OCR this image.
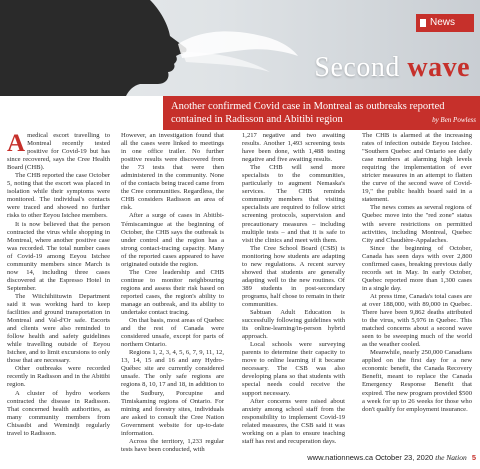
News
Second wave
Another confirmed Covid case in Montreal as outbreaks reported contained in Radisson and Abitibi region	by Ben Powless
A medical escort travelling to Montreal recently tested positive for Covid-19 but has since recovered, says the Cree Health Board (CHB).

The CHB reported the case October 5, noting that the escort was placed in isolation while their symptoms were monitored. The individual's contacts were traced and showed no further risks to other Eeyou Istchee members.

It is now believed that the person contracted the virus while shopping in Montreal, where another positive case was recorded. The total number cases of Covid-19 among Eeyou Istchee community members since March is now 14, including three cases discovered at the Espresso Hotel in September.

The Wiichihiituwin Department said it was working hard to keep facilities and ground transportation in Montreal and Val-d'Or safe. Escorts and clients were also reminded to follow health and safety guidelines while travelling outside of Eeyou Istchee, and to limit excursions to only those that are necessary.

Other outbreaks were recorded recently in Radisson and in the Abitibi region.

A cluster of hydro workers contracted the disease in Radisson. That concerned health authorities, as many community members from Chisasibi and Wemindji regularly travel to Radisson.

However, an investigation found that all the cases were linked to meetings in one office trailer. No further positive results were discovered from the 73 tests that were then administered in the community. None of the contacts being traced came from the Cree communities. Regardless, the CHB considers Radisson an area of risk.

After a surge of cases in Abitibi-Témiscamingue at the beginning of October, the CHB says the outbreak is under control and the region has a strong contact-tracing capacity. Many of the reported cases appeared to have originated outside the region.

The Cree leadership and CHB continue to monitor neighbouring regions and assess their risk based on reported cases, the region's ability to manage an outbreak, and its ability to undertake contact tracing.

On that basis, most areas of Quebec and the rest of Canada were considered unsafe, except for parts of northern Ontario.

Regions 1, 2, 3, 4, 5, 6, 7, 9, 11, 12, 13, 14, 15 and 16 and any Hydro-Québec site are currently considered unsafe. The only safe regions are regions 8, 10, 17 and 18, in addition to the Sudbury, Porcupine and Timiskaming regions of Ontario. For mining and forestry sites, individuals are asked to consult the Cree Nation Government website for up-to-date information.

Across the territory, 1,233 regular tests have been conducted, with

1,217 negative and two awaiting results. Another 1,493 screening tests have been done, with 1,488 testing negative and five awaiting results.

The CHB will send more specialists to the communities, particularly to augment Nemaska's services. The CHB reminds community members that visiting specialists are required to follow strict screening protocols, supervision and precautionary measures – including multiple tests – and that it is safe to visit the clinics and meet with them.

The Cree School Board (CSB) is monitoring how students are adapting to new regulations. A recent survey showed that students are generally adapting well to the new routines. Of 389 students in post-secondary programs, half chose to remain in their communities.

Sabtuan Adult Education is successfully following guidelines with its online-learning/in-person hybrid approach.

Local schools were surveying parents to determine their capacity to move to online learning if it became necessary. The CSB was also developing plans so that students with special needs could receive the support necessary.

After concerns were raised about anxiety among school staff from the responsibility to implement Covid-19 related measures, the CSB said it was working on a plan to ensure teaching staff has rest and recuperation days.

The CHB is alarmed at the increasing rates of infection outside Eeyou Istchee. "Southern Quebec and Ontario see daily case numbers at alarming high levels requiring the implementation of ever stricter measures in an attempt to flatten the curve of the second wave of Covid-19," the public health board said in a statement.

The news comes as several regions of Quebec move into the "red zone" status with severe restrictions on permitted activities, including Montreal, Quebec City and Chaudière-Appalaches.

Since the beginning of October, Canada has seen days with over 2,800 confirmed cases, breaking previous daily records set in May. In early October, Quebec reported more than 1,300 cases in a single day.

At press time, Canada's total cases are at over 188,000, with 89,000 in Quebec. There have been 9,862 deaths attributed to the virus, with 5,976 in Quebec. This matched concerns about a second wave seen to be sweeping much of the world as the weather cooled.

Meanwhile, nearly 250,000 Canadians applied on the first day for a new economic benefit, the Canada Recovery Benefit, meant to replace the Canada Emergency Response Benefit that expired. The new program provided $500 a week for up to 26 weeks for those who don't qualify for employment insurance.

www.nationnews.ca October 23, 2020 the Nation 5
